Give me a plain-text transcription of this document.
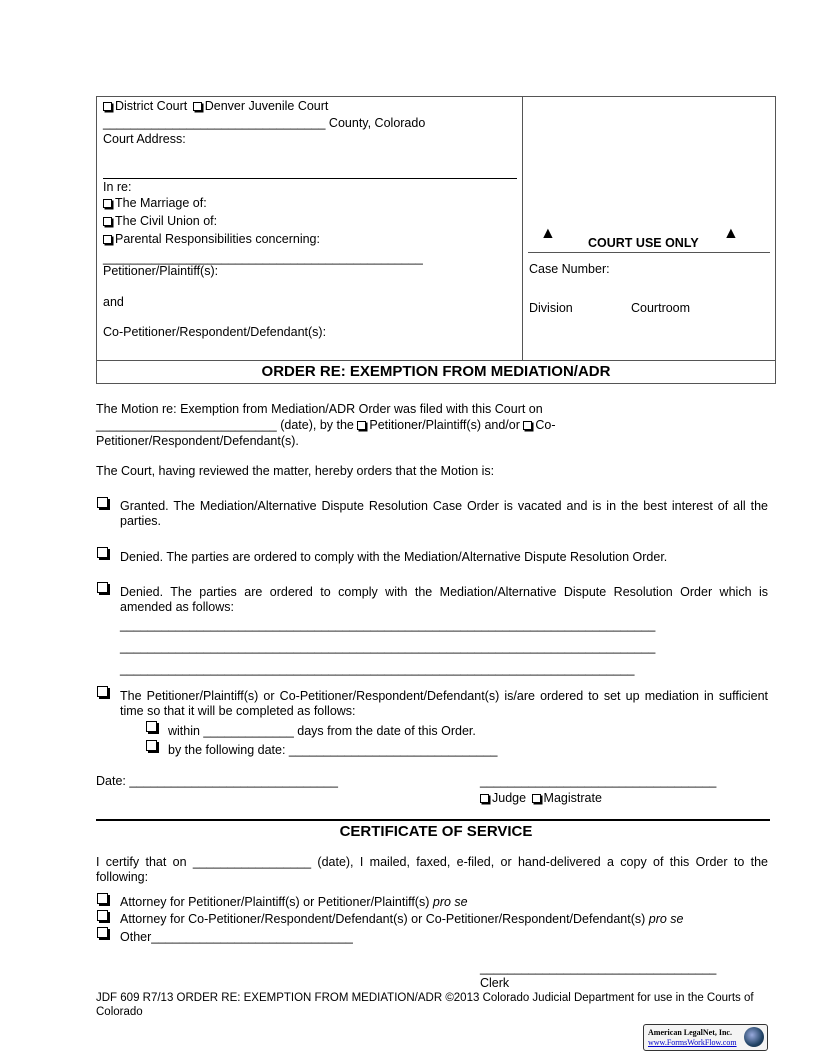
District Court Denver Juvenile Court
________________________________ County, Colorado
Court Address:
In re:
The Marriage of:
The Civil Union of:
Parental Responsibilities concerning:
______________________________________________
Petitioner/Plaintiff(s):
and
Co-Petitioner/Respondent/Defendant(s):
▲
COURT USE ONLY
▲
Case Number:
Division	Courtroom
ORDER RE: EXEMPTION FROM MEDIATION/ADR
The Motion re: Exemption from Mediation/ADR Order was filed with this Court on
__________________________ (date), by the Petitioner/Plaintiff(s) and/or Co-
Petitioner/Respondent/Defendant(s).
The Court, having reviewed the matter, hereby orders that the Motion is:
Granted. The Mediation/Alternative Dispute Resolution Case Order is vacated and is in the best interest of all the parties.
Denied. The parties are ordered to comply with the Mediation/Alternative Dispute Resolution Order.
Denied. The parties are ordered to comply with the Mediation/Alternative Dispute Resolution Order which is amended as follows:
_____________________________________________________________________________
_____________________________________________________________________________
__________________________________________________________________________
The Petitioner/Plaintiff(s) or Co-Petitioner/Respondent/Defendant(s) is/are ordered to set up mediation in sufficient time so that it will be completed as follows:
within _____________ days from the date of this Order.
by the following date: ______________________________
Date: ______________________________	__________________________________
Judge Magistrate
CERTIFICATE OF SERVICE
I certify that on _________________ (date), I mailed, faxed, e-filed, or hand-delivered a copy of this Order to the following:
Attorney for Petitioner/Plaintiff(s) or Petitioner/Plaintiff(s) pro se
Attorney for Co-Petitioner/Respondent/Defendant(s) or Co-Petitioner/Respondent/Defendant(s) pro se
Other_____________________________
__________________________________
Clerk
JDF 609 R7/13 ORDER RE: EXEMPTION FROM MEDIATION/ADR ©2013 Colorado Judicial Department for use in the Courts of Colorado
American LegalNet, Inc.
www.FormsWorkFlow.com
